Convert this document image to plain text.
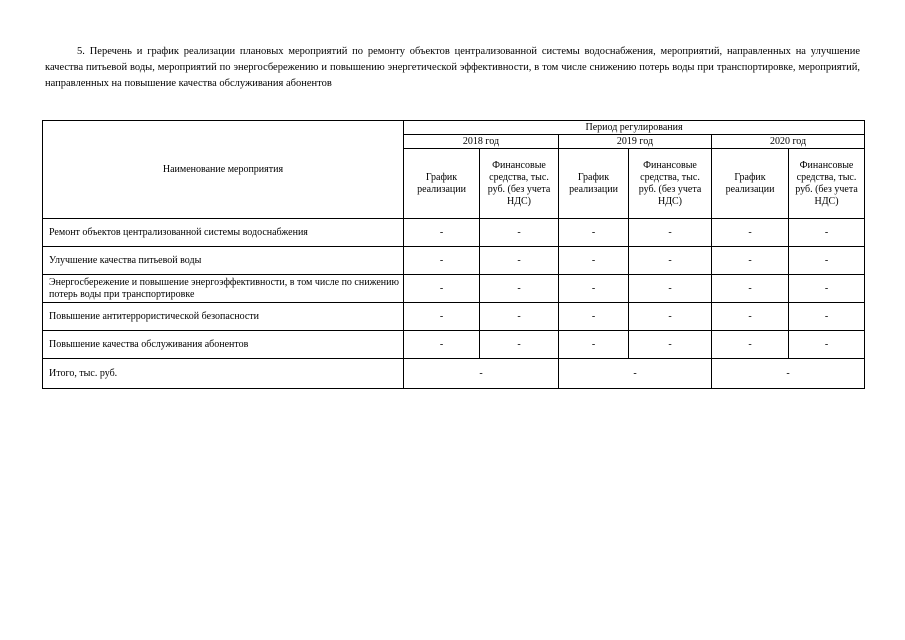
5. Перечень и график реализации плановых мероприятий по ремонту объектов централизованной системы водоснабжения, мероприятий, направленных на улучшение качества питьевой воды, мероприятий по энергосбережению и повышению энергетической эффективности, в том числе снижению потерь воды при транспортировке, мероприятий, направленных на повышение качества обслуживания абонентов

Наименование мероприятия	Период регулирования					
	2018 год		2019 год		2020 год	
	График реализации	Финансовые средства, тыс. руб. (без учета НДС)	График реализации	Финансовые средства, тыс. руб. (без учета НДС)	График реализации	Финансовые средства, тыс. руб. (без учета НДС)
Ремонт объектов централизованной системы водоснабжения	-	-	-	-	-	-
Улучшение качества питьевой воды	-	-	-	-	-	-
Энергосбережение и повышение энергоэффективности, в том числе по снижению потерь воды при транспортировке	-	-	-	-	-	-
Повышение антитеррористической безопасности	-	-	-	-	-	-
Повышение качества обслуживания абонентов	-	-	-	-	-	-
Итого, тыс. руб.	-		-		-	
